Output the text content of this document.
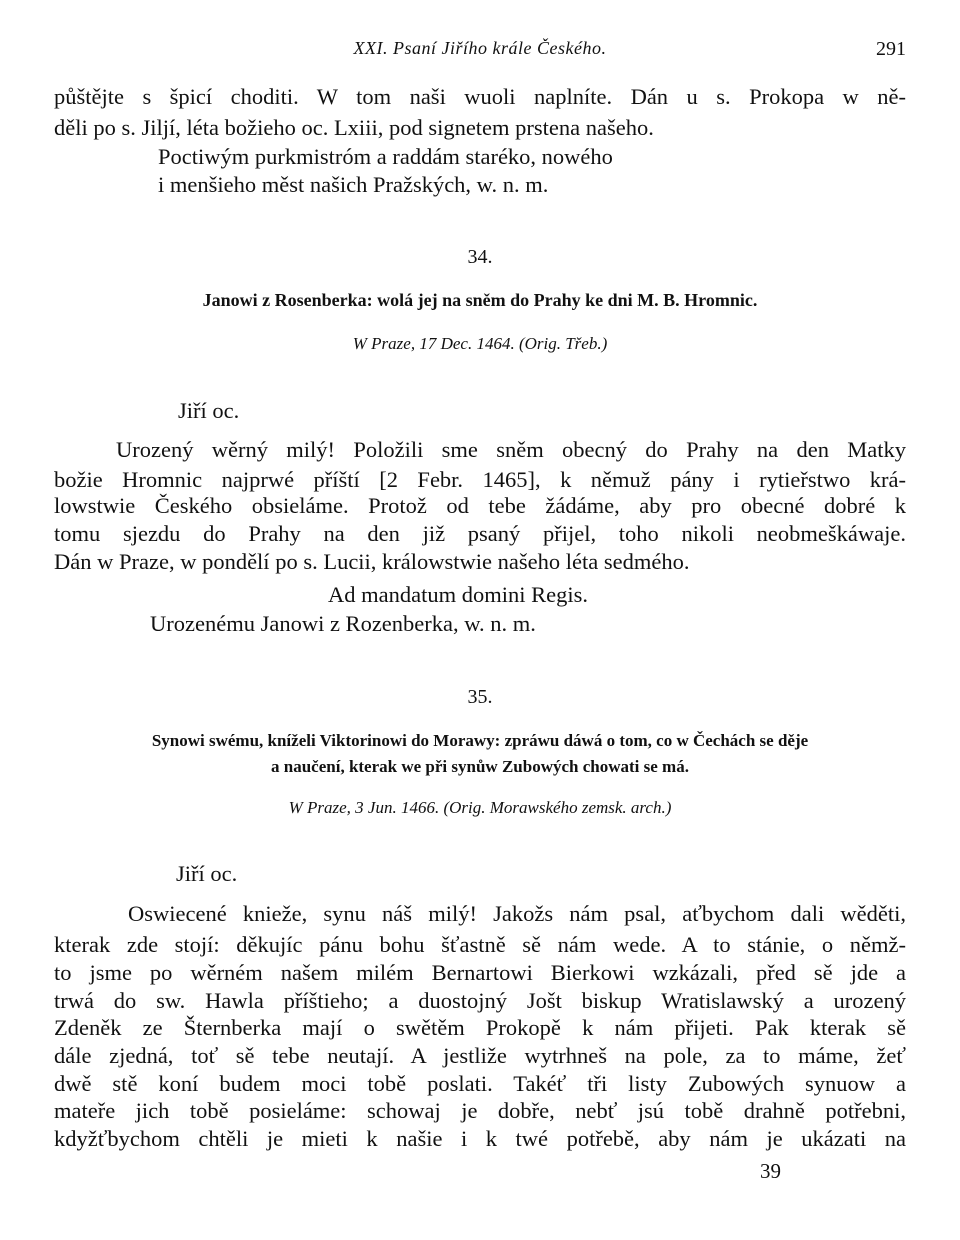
XXI. Psaní Jiřího krále Českého.	291
půštějte s špicí choditi. W tom naši wuoli naplníte. Dán u s. Prokopa w ně-
děli po s. Jiljí, léta božieho oc. Lxiii, pod signetem prstena našeho.
Poctiwým purkmistróm a raddám staréko, nowého
i menšieho měst našich Pražských, w. n. m.
34.
Janowi z Rosenberka: wolá jej na sněm do Prahy ke dni M. B. Hromnic.
W Praze, 17 Dec. 1464. (Orig. Třeb.)
Jiří oc.
Urozený wěrný milý! Položili sme sněm obecný do Prahy na den Matky
božie Hromnic najprwé příští [2 Febr. 1465], k němuž pány i rytieřstwo krá-
lowstwie Českého obsieláme. Protož od tebe žádáme, aby pro obecné dobré k
tomu sjezdu do Prahy na den již psaný přijel, toho nikoli neobmeškáwaje.
Dán w Praze, w pondělí po s. Lucii, králowstwie našeho léta sedmého.
Ad mandatum domini Regis.
Urozenému Janowi z Rozenberka, w. n. m.
35.
Synowi swému, kníželi Viktorinowi do Morawy: zpráwu dáwá o tom, co w Čechách se děje
a naučení, kterak we při synůw Zubowých chowati se má.
W Praze, 3 Jun. 1466. (Orig. Morawského zemsk. arch.)
Jiří oc.
Oswiecené knieže, synu náš milý! Jakožs nám psal, aťbychom dali wěděti,
kterak zde stojí: děkujíc pánu bohu šťastně sě nám wede. A to stánie, o němž-
to jsme po wěrném našem milém Bernartowi Bierkowi wzkázali, před sě jde a
trwá do sw. Hawla příštieho; a duostojný Jošt biskup Wratislawský a urozený
Zdeněk ze Šternberka mají o swětěm Prokopě k nám přijeti. Pak kterak sě
dále zjedná, toť sě tebe neutají. A jestliže wytrhneš na pole, za to máme, žeť
dwě stě koní budem moci tobě poslati. Takéť tři listy Zubowých synuow a
mateře jich tobě posieláme: schowaj je dobře, nebť jsú tobě drahně potřebni,
kdyžťbychom chtěli je mieti k našie i k twé potřebě, aby nám je ukázati na
39
